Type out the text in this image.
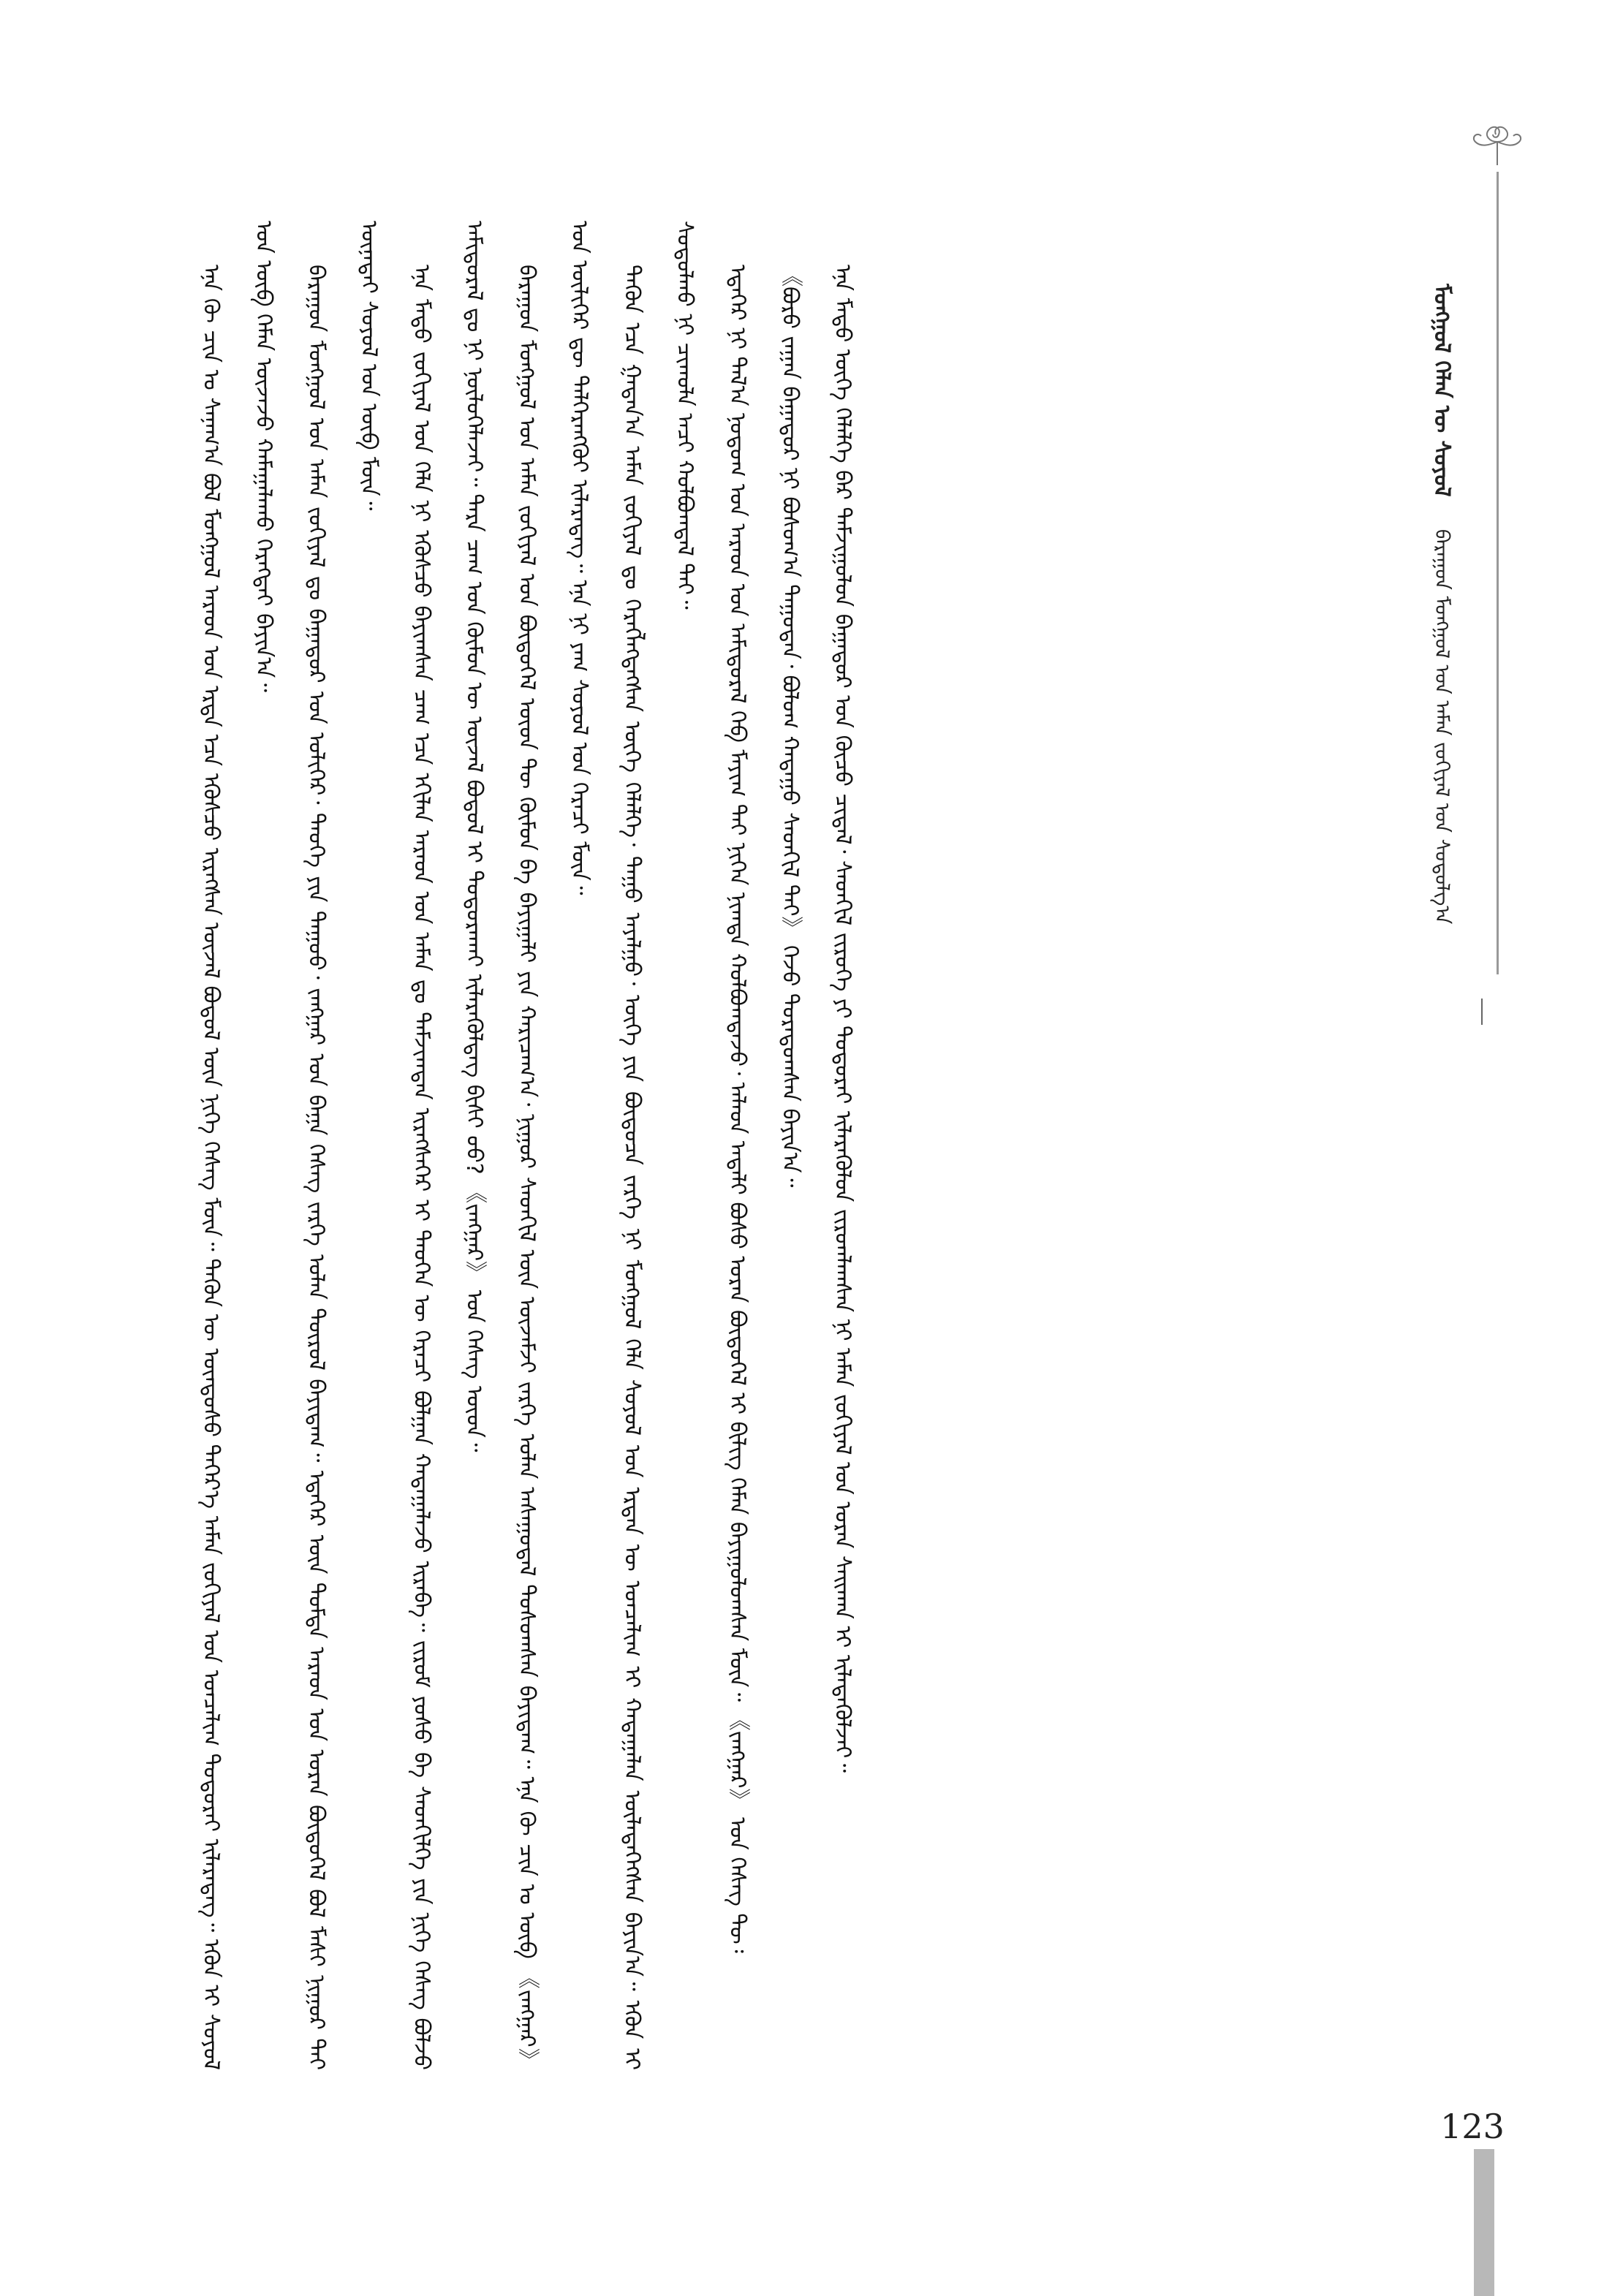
ᠮᠣᠩᠭᠣᠯ ᠬᠡᠯᠡᠨ ᠦ ᠰᠣᠶᠣᠯ 　 ᠪᠠᠷᠠᠭᠤᠨ ᠮᠣᠩᠭᠣᠯ ᠤᠨ ᠠᠮᠠᠨ ᠵᠣᠬᠢᠶᠠᠯ ᠤᠨ ᠰᠤᠳᠤᠯᠭ᠎ᠠ

ᠡᠨᠡ ᠬᠦ ᠴᠢᠨ ᠤ ᠰᠠᠨᠠᠭ᠎ᠠ ᠪᠣᠯ ᠮᠣᠩᠭᠣᠯ ᠠᠷᠠᠳ ᠤᠨ ᠡᠷᠲᠡ ᠡᠴᠡ ᠡᠭᠦᠰᠴᠦ ᠢᠷᠡᠭᠰᠡᠨ ᠦᠵᠡᠯ ᠪᠣᠳᠤᠯ ᠦᠨ ᠨᠢᠭᠡ ᠬᠡᠰᠡᠭ ᠮᠥᠨ᠃ ᠲᠡᠭᠦᠨ ᠦ ᠦᠨᠳᠦᠰᠦ ᠳᠡᠭᠡᠷ᠎ᠡ ᠠᠮᠠᠨ ᠵᠣᠬᠢᠶᠠᠯ ᠤᠨ ᠣᠨᠴᠠᠯᠢᠭ ᠲᠣᠳᠣᠷᠠᠶ ᠢᠯᠡᠷᠡᠳᠡᠭ᠃ ᠡᠭᠦᠨ ᠢ ᠰᠣᠶᠣᠯ ᠤᠨ ᠥᠪ ᠬᠡᠮᠡᠨ ᠦᠵᠡᠵᠦ ᠬᠠᠮᠠᠭᠠᠯᠠᠬᠤ ᠬᠡᠷᠡᠭᠲᠡᠶ ᠪᠠᠶᠢᠨ᠎ᠠ᠃	ᠪᠠᠷᠠᠭᠤᠨ ᠮᠣᠩᠭᠣᠯ ᠤᠨ ᠠᠮᠠᠨ ᠵᠣᠬᠢᠶᠠᠯ ᠳᠤ ᠪᠠᠭᠠᠳᠤᠷ ᠤᠨ ᠤᠯᠢᠭᠡᠷ᠂ ᠲᠡᠦᠬᠡ ᠶᠢᠨ ᠳᠠᠭᠤᠤ᠂ ᠵᠠᠩᠭᠠᠷ ᠤᠨ ᠪᠠᠭᠠ ᠬᠡᠰᠡᠭ ᠵᠡᠷᠭᠡ ᠣᠯᠠᠨ ᠲᠥᠷᠦᠯ ᠪᠠᠶᠢᠳᠠᠭ᠃ ᠡᠳᠡᠭᠡᠷ ᠦᠨ ᠳᠤᠮᠳᠠ ᠠᠷᠠᠳ ᠤᠨ ᠤᠷᠠᠨ ᠪᠦᠲᠦᠭᠡᠯ ᠪᠣᠯ ᠮᠠᠰᠢ ᠨᠢᠭᠤᠷ ᠲᠠᠢ ᠦᠨᠡᠲᠡᠢ ᠰᠣᠶᠣᠯ ᠤᠨ ᠥᠪ ᠮᠥᠨ᠃	ᠡᠨᠡ ᠮᠡᠲᠦ ᠵᠣᠬᠢᠶᠠᠯ ᠤᠨ ᠬᠡᠯᠡ ᠨᠢ ᠡᠭᠦᠰᠴᠦ ᠪᠠᠶᠢᠭᠰᠠᠨ ᠴᠠᠭ ᠡᠴᠡ ᠡᠬᠢᠯᠡᠨ ᠠᠷᠠᠳ ᠤᠨ ᠠᠮᠠᠨ ᠳᠤ ᠳᠠᠮᠵᠢᠭᠳᠠᠨ ᠢᠷᠡᠭᠰᠡᠭᠡᠷ ᠢ ᠲᠡᠦᠬᠡᠨ ᠦ ᠭᠡᠷᠡᠴᠢ ᠪᠣᠯᠭᠠᠨ ᠬᠠᠳᠠᠭᠠᠯᠠᠵᠤ ᠢᠷᠡᠪᠡ᠃ ᠵᠢᠷᠤᠮ ᠶᠣᠰᠣ ᠪᠠ ᠰᠡᠳᠬᠢᠯᠭᠡ ᠶᠢᠨ ᠨᠢᠭᠡ ᠬᠡᠰᠡᠭ ᠪᠣᠯᠵᠤ ᠠᠮᠢᠳᠤᠷᠠᠯ ᠳᠤ ᠨᠢ ᠨᠥᠯᠦᠭᠡᠯᠡᠵᠡᠢ᠃ ᠲᠡᠷᠡ ᠴᠠᠭ ᠤᠨ ᠬᠦᠮᠦᠨ ᠦ ᠦᠵᠡᠯ ᠪᠣᠳᠤᠯ ᠢ ᠲᠣᠳᠣᠷᠠᠬᠠᠶ ᠢᠯᠡᠷᠡᠭᠦᠯᠳᠡᠭ ᠪᠢᠰᠢ ᠦᠦ? 《ᠵᠠᠩᠭᠠᠷ》 ᠤᠨ ᠬᠡᠰᠡᠭ ᠦᠳ᠃	ᠪᠠᠷᠠᠭᠤᠨ ᠮᠣᠩᠭᠣᠯ ᠤᠨ ᠠᠮᠠᠨ ᠵᠣᠬᠢᠶᠠᠯ ᠤᠨ ᠪᠦᠲᠦᠭᠡᠯ ᠦᠳ ᠲᠦ ᠬᠦᠮᠦᠨ ᠪᠠ ᠪᠠᠶᠢᠭᠠᠯᠢ ᠶᠢᠨ ᠬᠠᠷᠢᠴᠠᠭ᠎ᠠ᠂ ᠨᠢᠭᠤᠷ ᠰᠡᠳᠬᠢᠯ ᠦᠨ ᠦᠵᠡᠮᠵᠢ ᠵᠡᠷᠭᠡ ᠣᠯᠠᠨ ᠠᠰᠠᠭᠤᠳᠠᠯ ᠲᠤᠰᠤᠭᠰᠠᠨ ᠪᠠᠶᠢᠳᠠᠭ᠃ ᠡᠨᠡ ᠬᠦ ᠴᠢᠨ ᠤ ᠥᠪ 《ᠵᠠᠩᠭᠠᠷ》 ᠤᠨ ᠦᠯᠢᠭᠡᠷ ᠳᠦ ᠳᠡᠯᠭᠡᠷᠡᠩᠭᠦᠢ ᠢᠯᠡᠷᠡᠳᠡᠭ᠃ ᠡᠨᠡ ᠨᠢ ᠶᠠᠭ ᠰᠣᠶᠣᠯ ᠤᠨ ᠭᠡᠷᠡᠴᠢ ᠮᠥᠨ᠃	ᠲᠡᠭᠦᠨ ᠡᠴᠡ ᠭᠠᠳᠠᠨ᠎ᠠ ᠠᠮᠠᠨ ᠵᠣᠬᠢᠶᠠᠯ ᠳᠤ ᠬᠡᠷᠡᠭᠯᠡᠭᠳᠡᠭᠰᠡᠨ ᠦᠭᠡ ᠬᠡᠯᠡᠯᠭᠡ᠂ ᠳᠠᠭᠤ ᠠᠶᠠᠯᠭᠤ᠂ ᠦᠭᠡ ᠶᠢᠨ ᠪᠦᠲᠦᠴᠡ ᠵᠡᠷᠭᠡ ᠨᠢ ᠮᠣᠩᠭᠣᠯ ᠬᠡᠯᠡ ᠰᠣᠶᠣᠯ ᠤᠨ ᠡᠷᠲᠡᠨ ᠦ ᠣᠨᠴᠠᠯᠢᠭ ᠢ ᠬᠠᠳᠠᠭᠠᠯᠠᠨ ᠦᠯᠡᠳᠡᠭᠡᠭᠰᠡᠨ ᠪᠠᠶᠢᠨ᠎ᠠ᠃ ᠡᠭᠦᠨ ᠢ ᠰᠤᠳᠤᠯᠬᠤ ᠨᠢ ᠴᠢᠬᠤᠯᠠ ᠠᠴᠢ ᠬᠣᠯᠪᠣᠭᠳᠠᠯ ᠲᠠᠢ᠃	ᠡᠳᠡᠭᠡᠷ ᠨᠢ ᠲᠠᠯ᠎ᠠ ᠨᠤᠲᠤᠭ ᠤᠨ ᠠᠷᠠᠳ ᠤᠨ ᠠᠮᠢᠳᠤᠷᠠᠯ ᠬᠡᠪ ᠮᠠᠶᠢᠭ ᠲᠠᠢ ᠨᠢᠬᠡᠨ ᠨᠢᠭᠲᠠ ᠬᠣᠯᠪᠣᠭᠳᠠᠵᠤ᠂ ᠠᠯᠠᠳ ᠠᠳᠠᠯᠢ ᠪᠤᠰᠤ ᠤᠷᠠᠨ ᠪᠦᠲᠦᠭᠡᠯ ᠢ ᠪᠢᠯᠢᠭ ᠬᠡᠮᠡᠨ ᠪᠠᠶᠢᠭᠤᠯᠤᠭᠰᠠᠨ ᠮᠥᠨ᠃ 《ᠵᠠᠩᠭᠠᠷ》 ᠤᠨ ᠬᠡᠰᠡᠭ ᠲᠦ᠄	《ᠪᠣᠷᠣ ᠵᠠᠭᠠᠨ ᠪᠠᠭᠠᠲᠤᠷ ᠨᠢ ᠪᠣᠰᠤᠭ᠎ᠠ ᠳᠠᠭᠤᠳᠠᠨ᠂ ᠪᠣᠯᠤᠭ ᠬᠠᠲᠠᠭᠤ ᠰᠡᠳᠬᠢᠯ ᠲᠡᠢ》 ᠭᠡᠵᠦ ᠳᠤᠷᠠᠳᠤᠭᠰᠠᠨ ᠪᠠᠶᠢᠨ᠎ᠠ᠃	ᠡᠨᠡ ᠮᠡᠲᠦ ᠦᠭᠡ ᠬᠡᠯᠡᠯᠭᠡ ᠪᠡᠷ ᠳᠠᠮᠵᠢᠭᠤᠯᠤᠨ ᠪᠠᠭᠠᠲᠤᠷ ᠤᠨ ᠬᠦᠴᠦ ᠴᠢᠳᠠᠯ᠂ ᠰᠡᠳᠬᠢᠯ ᠵᠢᠷᠦᠬᠡ ᠶᠢ ᠲᠣᠳᠣᠷᠠᠶ ᠢᠯᠡᠷᠡᠭᠦᠯᠦᠨ ᠵᠢᠷᠤᠭᠯᠠᠭᠰᠠᠨ ᠨᠢ ᠠᠮᠠᠨ ᠵᠣᠬᠢᠶᠠᠯ ᠤᠨ ᠤᠷᠠᠨ ᠰᠠᠢᠬᠠᠨ ᠢ ᠢᠯᠡᠲᠡᠭᠦᠯᠵᠡᠢ᠃

123
